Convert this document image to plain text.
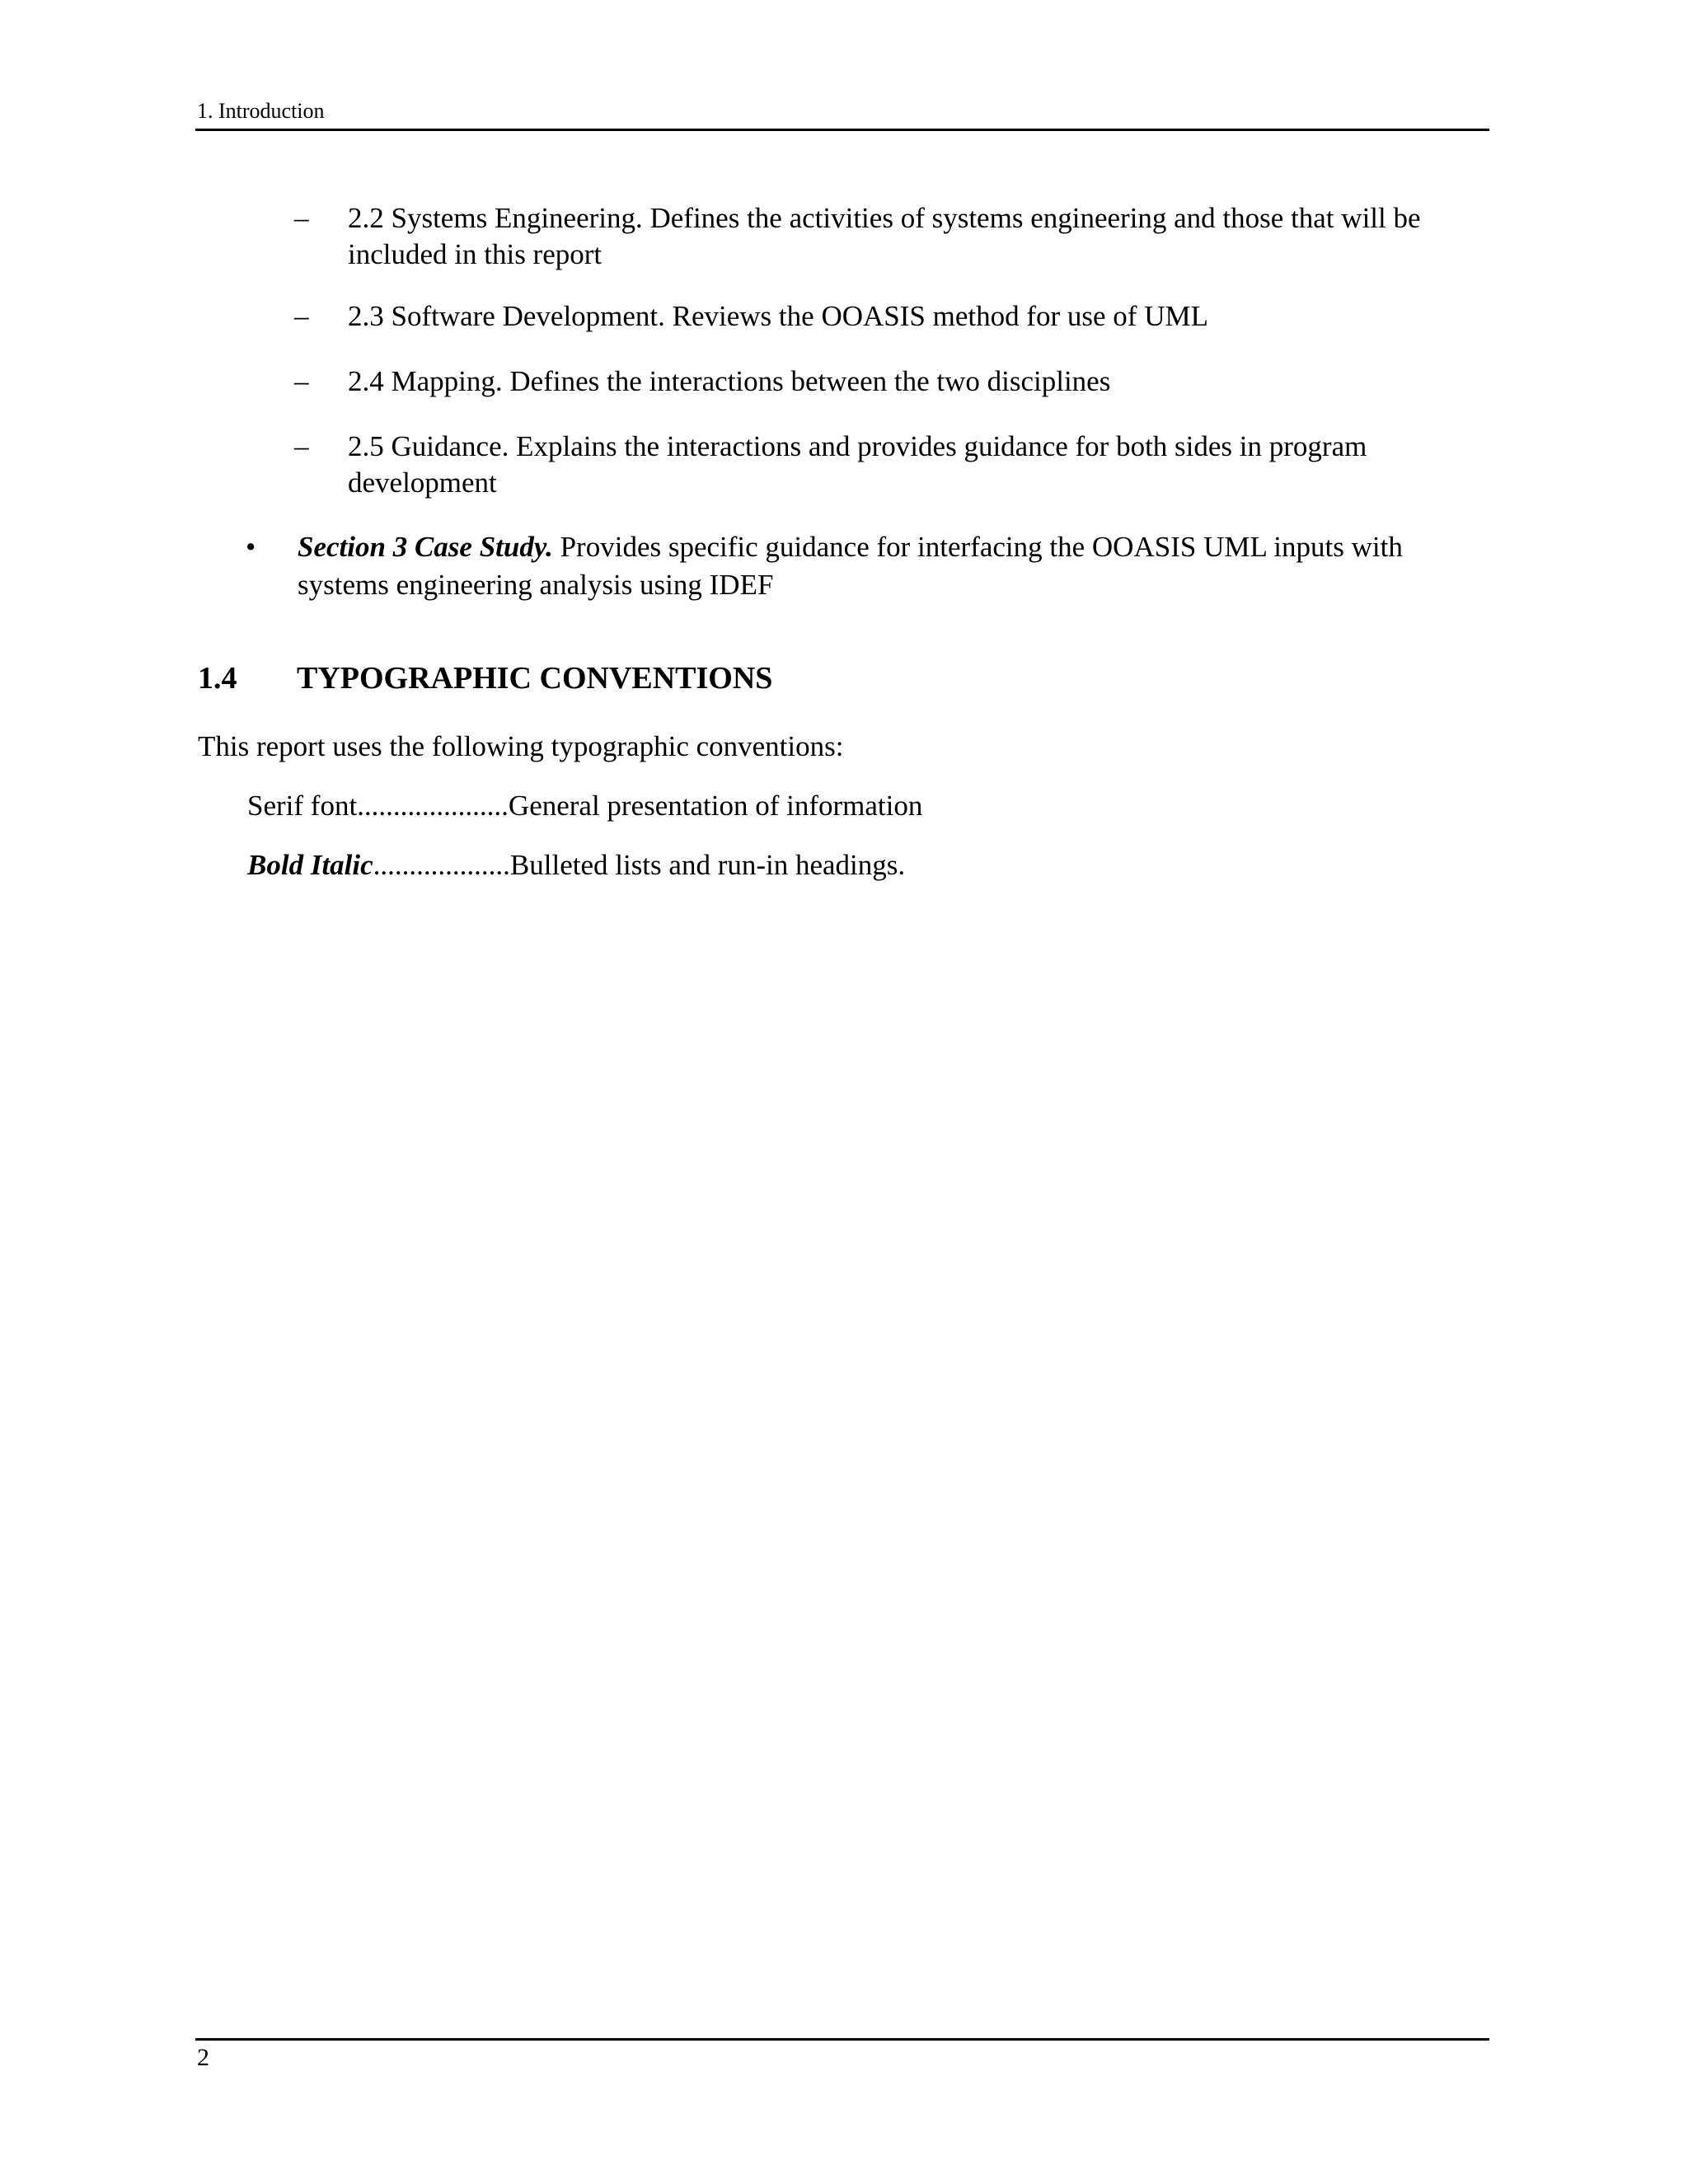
1. Introduction
– 2.2 Systems Engineering. Defines the activities of systems engineering and those that will be
included in this report
– 2.3 Software Development. Reviews the OOASIS method for use of UML
– 2.4 Mapping. Defines the interactions between the two disciplines
– 2.5 Guidance. Explains the interactions and provides guidance for both sides in program
development
• Section 3 Case Study. Provides specific guidance for interfacing the OOASIS UML inputs with
systems engineering analysis using IDEF
1.4 TYPOGRAPHIC CONVENTIONS
This report uses the following typographic conventions:
Serif font.....................General presentation of information
Bold Italic...................Bulleted lists and run-in headings.
2
